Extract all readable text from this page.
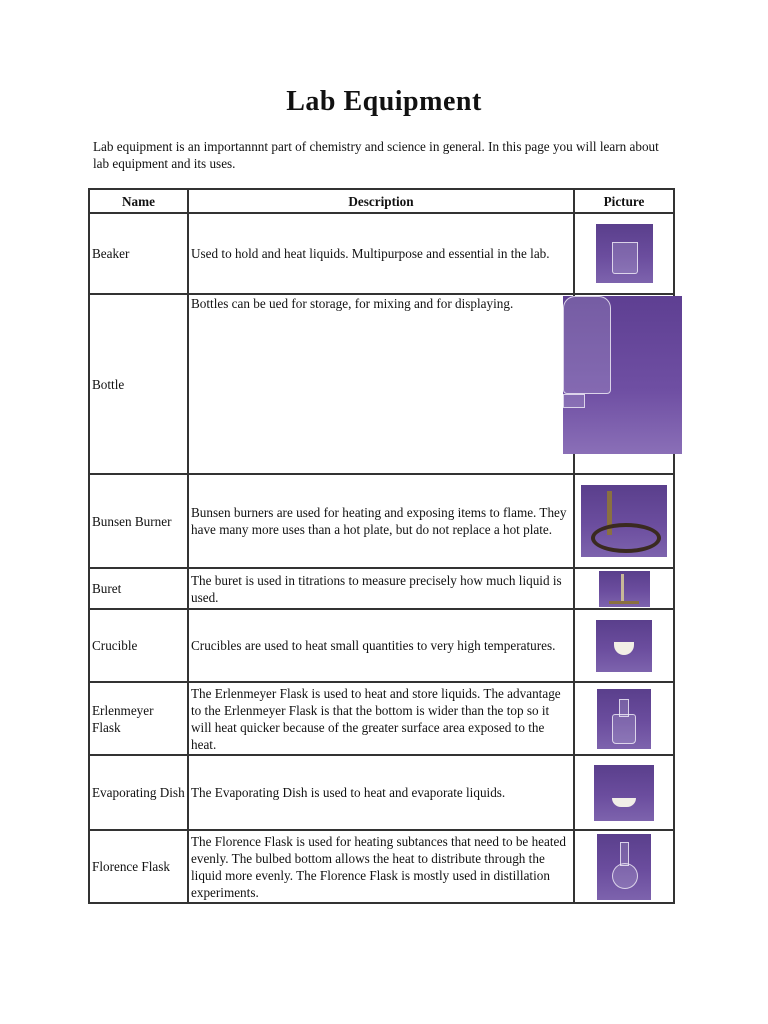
Lab Equipment
Lab equipment is an importannnt part of chemistry and science in general. In this page you will learn about lab equipment and its uses.
Name	Description	Picture
Beaker	Used to hold and heat liquids. Multipurpose and essential in the lab.	

Bottle	Bottles can be ued for storage, for mixing and for displaying.	

Bunsen Burner	Bunsen burners are used for heating and exposing items to flame. They have many more uses than a hot plate, but do not replace a hot plate.	

Buret	The buret is used in titrations to measure precisely how much liquid is used.	

Crucible	Crucibles are used to heat small quantities to very high temperatures.	

Erlenmeyer Flask	The Erlenmeyer Flask is used to heat and store liquids. The advantage to the Erlenmeyer Flask is that the bottom is wider than the top so it will heat quicker because of the greater surface area exposed to the heat.	

Evaporating Dish	The Evaporating Dish is used to heat and evaporate liquids.	

Florence Flask	The Florence Flask is used for heating subtances that need to be heated evenly. The bulbed bottom allows the heat to distribute through the liquid more evenly. The Florence Flask is mostly used in distillation experiments.	
